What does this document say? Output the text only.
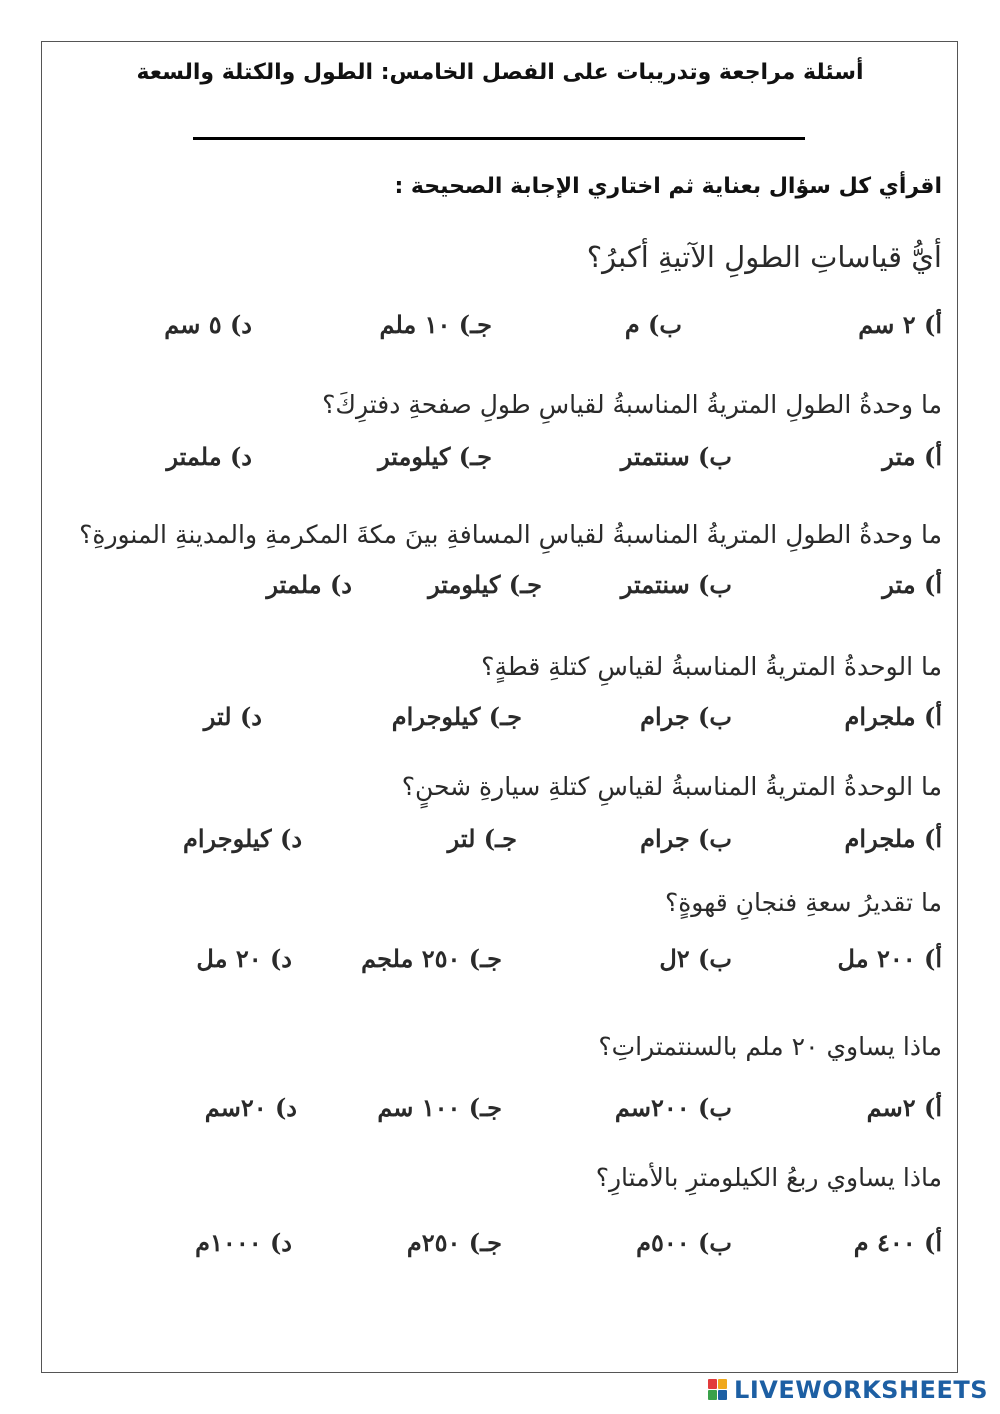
أسئلة مراجعة وتدريبات على الفصل الخامس: الطول والكتلة والسعة
اقرأي كل سؤال بعناية ثم اختاري الإجابة الصحيحة :
أيُّ قياساتِ الطولِ الآتيةِ أكبرُ؟
أ) ٢ سم
ب) م
جـ) ١٠ ملم
د) ٥ سم
ما وحدةُ الطولِ المتريةُ المناسبةُ لقياسِ طولِ صفحةِ دفترِكَ؟
أ) متر
ب) سنتمتر
جـ) كيلومتر
د) ملمتر
ما وحدةُ الطولِ المتريةُ المناسبةُ لقياسِ المسافةِ بينَ مكةَ المكرمةِ والمدينةِ المنورةِ؟
أ) متر
ب) سنتمتر
جـ) كيلومتر
د) ملمتر
ما الوحدةُ المتريةُ المناسبةُ لقياسِ كتلةِ قطةٍ؟
أ) ملجرام
ب) جرام
جـ) كيلوجرام
د) لتر
ما الوحدةُ المتريةُ المناسبةُ لقياسِ كتلةِ سيارةِ شحنٍ؟
أ) ملجرام
ب) جرام
جـ) لتر
د) كيلوجرام
ما تقديرُ سعةِ فنجانِ قهوةٍ؟
أ) ٢٠٠ مل
ب) ٢ل
جـ) ٢٥٠ ملجم
د) ٢٠ مل
ماذا يساوي ٢٠ ملم بالسنتمتراتِ؟
أ) ٢سم
ب) ٢٠٠سم
جـ) ١٠٠ سم
د) ٢٠سم
ماذا يساوي ربعُ الكيلومترِ بالأمتارِ؟
أ) ٤٠٠ م
ب) ٥٠٠م
جـ) ٢٥٠م
د) ١٠٠٠م
LIVEWORKSHEETS
